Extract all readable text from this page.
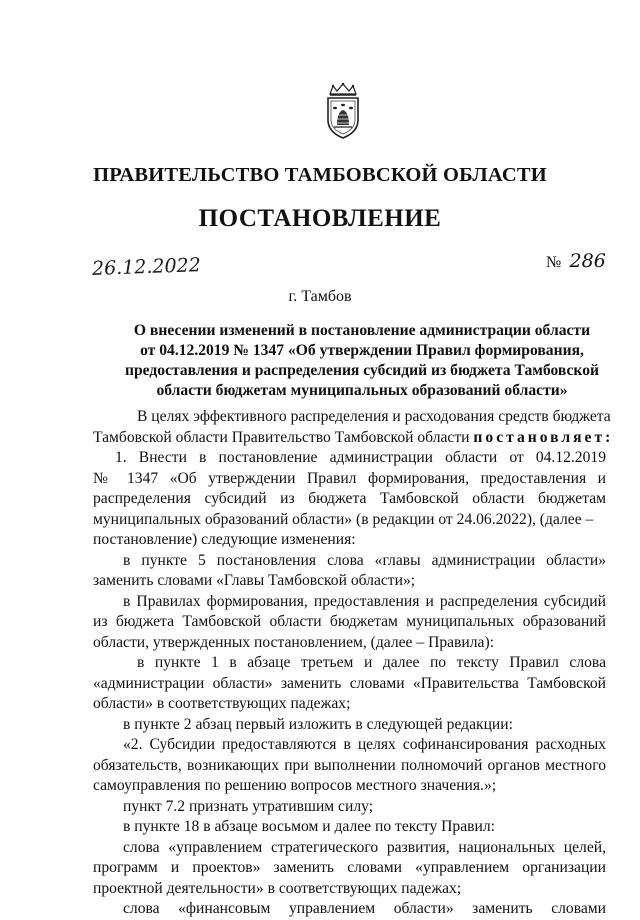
ПРАВИТЕЛЬСТВО ТАМБОВСКОЙ ОБЛАСТИ
ПОСТАНОВЛЕНИЕ
26.12.2022	№ 286
г. Тамбов
О внесении изменений в постановление администрации области
от 04.12.2019 № 1347 «Об утверждении Правил формирования,
предоставления и распределения субсидий из бюджета Тамбовской
области бюджетам муниципальных образований области»
В целях эффективного распределения и расходования средств бюджета
Тамбовской области Правительство Тамбовской области постановляет:
1. Внести в постановление администрации области от 04.12.2019
№ 1347 «Об утверждении Правил формирования, предоставления и
распределения субсидий из бюджета Тамбовской области бюджетам
муниципальных образований области» (в редакции от 24.06.2022), (далее –
постановление) следующие изменения:
в пункте 5 постановления слова «главы администрации области»
заменить словами «Главы Тамбовской области»;
в Правилах формирования, предоставления и распределения субсидий
из бюджета Тамбовской области бюджетам муниципальных образований
области, утвержденных постановлением, (далее – Правила):
в пункте 1 в абзаце третьем и далее по тексту Правил слова
«администрации области» заменить словами «Правительства Тамбовской
области» в соответствующих падежах;
в пункте 2 абзац первый изложить в следующей редакции:
«2. Субсидии предоставляются в целях софинансирования расходных
обязательств, возникающих при выполнении полномочий органов местного
самоуправления по решению вопросов местного значения.»;
пункт 7.2 признать утратившим силу;
в пункте 18 в абзаце восьмом и далее по тексту Правил:
слова «управлением стратегического развития, национальных целей,
программ и проектов» заменить словами «управлением организации
проектной деятельности» в соответствующих падежах;
слова «финансовым управлением области» заменить словами
